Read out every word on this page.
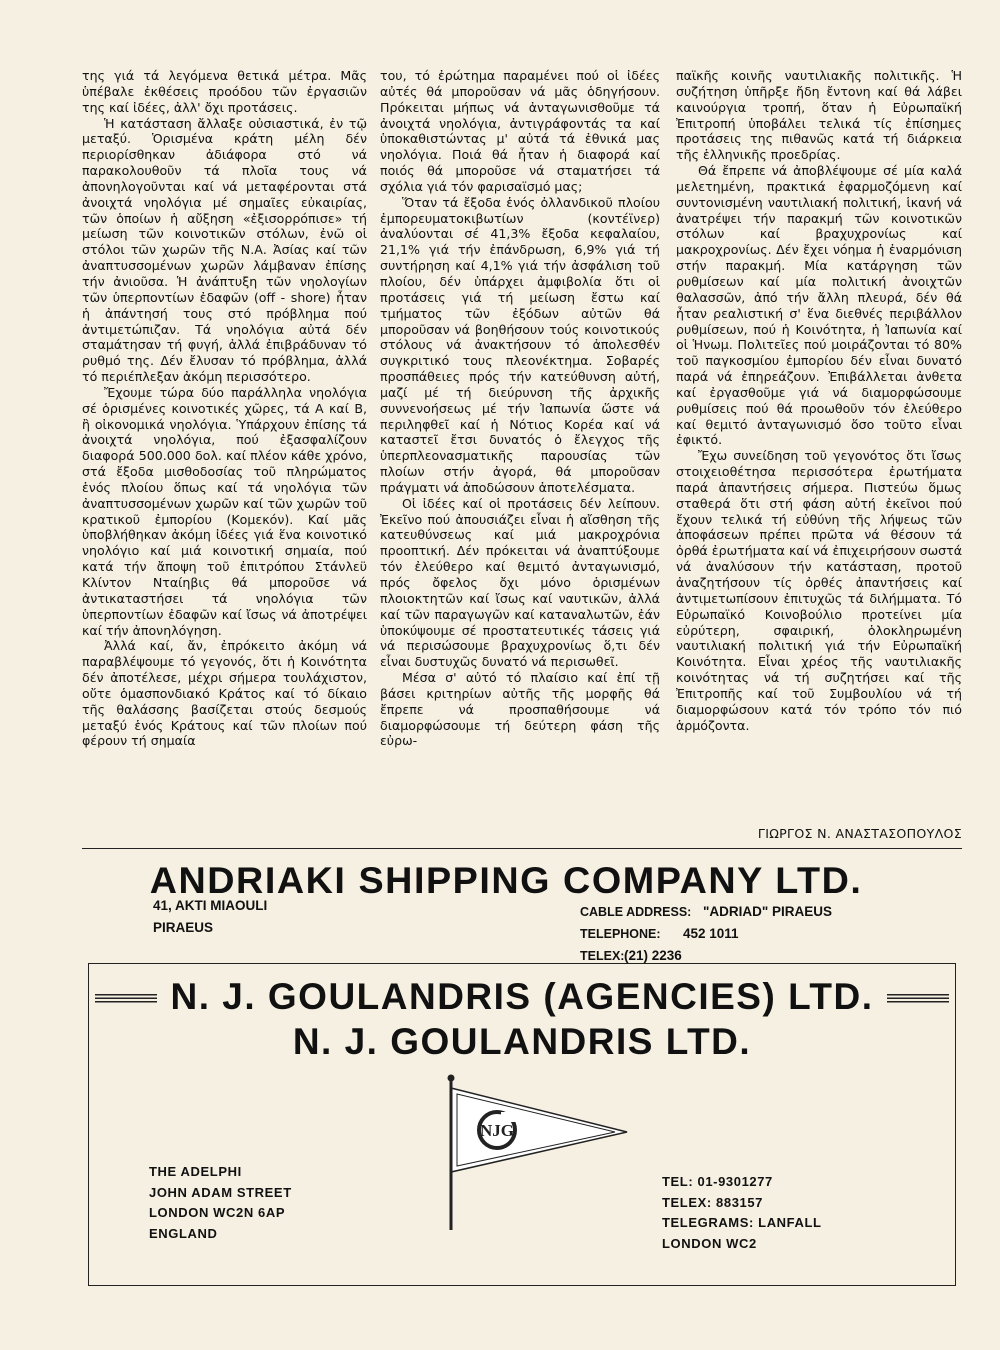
της γιά τά λεγόμενα θετικά μέτρα. Μᾶς ὑπέβαλε ἐκθέσεις προόδου τῶν ἐργασιῶν της καί ἰδέες, ἀλλ' ὄχι προτάσεις.

Ἡ κατάσταση ἄλλαξε οὐσιαστικά, ἐν τῷ μεταξύ. Ὁρισμένα κράτη μέλη δέν περιορίσθηκαν ἀδιάφορα στό νά παρακολουθοῦν τά πλοῖα τους νά ἀπονηλογοῦνται καί νά μεταφέρονται στά ἀνοιχτά νηολόγια μέ σημαῖες εὐκαιρίας, τῶν ὁποίων ἡ αὔξηση «ἐξισορρόπισε» τή μείωση τῶν κοινοτικῶν στόλων, ἐνῶ οἱ στόλοι τῶν χωρῶν τῆς Ν.Α. Ἀσίας καί τῶν ἀναπτυσσομένων χωρῶν λάμβαναν ἐπίσης τήν ἀνιοῦσα. Ἡ ἀνάπτυξη τῶν νηολογίων τῶν ὑπερποντίων ἐδαφῶν (off - shore) ἦταν ἡ ἀπάντησή τους στό πρόβλημα πού ἀντιμετώπιζαν. Τά νηολόγια αὐτά δέν σταμάτησαν τή φυγή, ἀλλά ἐπιβράδυναν τό ρυθμό της. Δέν ἔλυσαν τό πρόβλημα, ἀλλά τό περιέπλεξαν ἀκόμη περισσότερο.

Ἔχουμε τώρα δύο παράλληλα νηολόγια σέ ὁρισμένες κοινοτικές χῶρες, τά Α καί Β, ἢ οἰκονομικά νηολόγια. Ὑπάρχουν ἐπίσης τά ἀνοιχτά νηολόγια, πού ἐξασφαλίζουν διαφορά 500.000 δολ. καί πλέον κάθε χρόνο, στά ἔξοδα μισθοδοσίας τοῦ πληρώματος ἑνός πλοίου ὅπως καί τά νηολόγια τῶν ἀναπτυσσομένων χωρῶν καί τῶν χωρῶν τοῦ κρατικοῦ ἐμπορίου (Κομεκόν). Καί μᾶς ὑποβλήθηκαν ἀκόμη ἰδέες γιά ἕνα κοινοτικό νηολόγιο καί μιά κοινοτική σημαία, πού κατά τήν ἄποψη τοῦ ἐπιτρόπου Στάνλεϋ Κλίντον Νταίηβις θά μποροῦσε νά ἀντικαταστήσει τά νηολόγια τῶν ὑπερποντίων ἐδαφῶν καί ἴσως νά ἀποτρέψει καί τήν ἀπονηλόγηση.

Ἀλλά καί, ἄν, ἐπρόκειτο ἀκόμη νά παραβλέψουμε τό γεγονός, ὅτι ἡ Κοινότητα δέν ἀποτέλεσε, μέχρι σήμερα τουλάχιστον, οὔτε ὁμασπονδιακό Κράτος καί τό δίκαιο τῆς θαλάσσης βασίζεται στούς δεσμούς μεταξύ ἑνός Κράτους καί τῶν πλοίων πού φέρουν τή σημαία

του, τό ἐρώτημα παραμένει πού οἱ ἰδέες αὐτές θά μποροῦσαν νά μᾶς ὁδηγήσουν. Πρόκειται μήπως νά ἀνταγωνισθοῦμε τά ἀνοιχτά νηολόγια, ἀντιγράφοντάς τα καί ὑποκαθιστώντας μ' αὐτά τά ἐθνικά μας νηολόγια. Ποιά θά ἦταν ἡ διαφορά καί ποιός θά μποροῦσε νά σταματήσει τά σχόλια γιά τόν φαρισαϊσμό μας;

Ὅταν τά ἔξοδα ἑνός ὀλλανδικοῦ πλοίου ἐμπορευματοκιβωτίων (κοντέϊνερ) ἀναλύονται σέ 41,3% ἔξοδα κεφαλαίου, 21,1% γιά τήν ἐπάνδρωση, 6,9% γιά τή συντήρηση καί 4,1% γιά τήν ἀσφάλιση τοῦ πλοίου, δέν ὑπάρχει ἀμφιβολία ὅτι οἱ προτάσεις γιά τή μείωση ἔστω καί τμήματος τῶν ἐξόδων αὐτῶν θά μποροῦσαν νά βοηθήσουν τούς κοινοτικούς στόλους νά ἀνακτήσουν τό ἀπολεσθέν συγκριτικό τους πλεονέκτημα. Σοβαρές προσπάθειες πρός τήν κατεύθυνση αὐτή, μαζί μέ τή διεύρυνση τῆς ἀρχικῆς συννενοήσεως μέ τήν Ἰαπωνία ὥστε νά περιληφθεῖ καί ἡ Νότιος Κορέα καί νά καταστεῖ ἔτσι δυνατός ὁ ἔλεγχος τῆς ὑπερπλεονασματικῆς παρουσίας τῶν πλοίων στήν ἀγορά, θά μποροῦσαν πράγματι νά ἀποδώσουν ἀποτελέσματα.

Οἱ ἰδέες καί οἱ προτάσεις δέν λείπουν. Ἐκεῖνο πού ἀπουσιάζει εἶναι ἡ αἴσθηση τῆς κατευθύνσεως καί μιά μακροχρόνια προοπτική. Δέν πρόκειται νά ἀναπτύξουμε τόν ἐλεύθερο καί θεμιτό ἀνταγωνισμό, πρός ὄφελος ὄχι μόνο ὁρισμένων πλοιοκτητῶν καί ἴσως καί ναυτικῶν, ἀλλά καί τῶν παραγωγῶν καί καταναλωτῶν, ἐάν ὑποκύψουμε σέ προστατευτικές τάσεις γιά νά περισώσουμε βραχυχρονίως ὅ,τι δέν εἶναι δυστυχῶς δυνατό νά περισωθεῖ.

Μέσα σ' αὐτό τό πλαίσιο καί ἐπί τῇ βάσει κριτηρίων αὐτῆς τῆς μορφῆς θά ἔπρεπε νά προσπαθήσουμε νά διαμορφώσουμε τή δεύτερη φάση τῆς εὐρω-

παϊκῆς κοινῆς ναυτιλιακῆς πολιτικῆς. Ἡ συζήτηση ὑπῆρξε ἤδη ἔντονη καί θά λάβει καινούργια τροπή, ὅταν ἡ Εὐρωπαϊκή Ἐπιτροπή ὑποβάλει τελικά τίς ἐπίσημες προτάσεις της πιθανῶς κατά τή διάρκεια τῆς ἑλληνικῆς προεδρίας.

Θά ἔπρεπε νά ἀποβλέψουμε σέ μία καλά μελετημένη, πρακτικά ἐφαρμοζόμενη καί συντονισμένη ναυτιλιακή πολιτική, ἱκανή νά ἀνατρέψει τήν παρακμή τῶν κοινοτικῶν στόλων καί βραχυχρονίως καί μακροχρονίως. Δέν ἔχει νόημα ἡ ἐναρμόνιση στήν παρακμή. Μία κατάργηση τῶν ρυθμίσεων καί μία πολιτική ἀνοιχτῶν θαλασσῶν, ἀπό τήν ἄλλη πλευρά, δέν θά ἦταν ρεαλιστική σ' ἕνα διεθνές περιβάλλον ρυθμίσεων, πού ἡ Κοινότητα, ἡ Ἰαπωνία καί οἱ Ἡνωμ. Πολιτεῖες πού μοιράζονται τό 80% τοῦ παγκοσμίου ἐμπορίου δέν εἶναι δυνατό παρά νά ἐπηρεάζουν. Ἐπιβάλλεται ἀνθετα καί ἐργασθοῦμε γιά νά διαμορφώσουμε ρυθμίσεις πού θά προωθοῦν τόν ἐλεύθερο καί θεμιτό ἀνταγωνισμό ὅσο τοῦτο εἶναι ἐφικτό.

Ἔχω συνείδηση τοῦ γεγονότος ὅτι ἴσως στοιχειοθέτησα περισσότερα ἐρωτήματα παρά ἀπαντήσεις σήμερα. Πιστεύω ὅμως σταθερά ὅτι στή φάση αὐτή ἐκεῖνοι πού ἔχουν τελικά τή εὐθύνη τῆς λήψεως τῶν ἀποφάσεων πρέπει πρῶτα νά θέσουν τά ὀρθά ἐρωτήματα καί νά ἐπιχειρήσουν σωστά νά ἀναλύσουν τήν κατάσταση, προτοῦ ἀναζητήσουν τίς ὀρθές ἀπαντήσεις καί ἀντιμετωπίσουν ἐπιτυχῶς τά διλήμματα. Τό Εὐρωπαϊκό Κοινοβούλιο προτείνει μία εὐρύτερη, σφαιρική, ὁλοκληρωμένη ναυτιλιακή πολιτική γιά τήν Εὐρωπαϊκή Κοινότητα. Εἶναι χρέος τῆς ναυτιλιακῆς κοινότητας νά τή συζητήσει καί τῆς Ἐπιτροπῆς καί τοῦ Συμβουλίου νά τή διαμορφώσουν κατά τόν τρόπο τόν πιό ἁρμόζοντα.

ΓΙΩΡΓΟΣ Ν. ΑΝΑΣΤΑΣΟΠΟΥΛΟΣ
ANDRIAKI SHIPPING COMPANY LTD.
41, AKTI MIAOULI
PIRAEUS
CABLE ADDRESS: "ADRIAD" PIRAEUS
TELEPHONE: 452 1011
TELEX: (21) 2236
N. J. GOULANDRIS (AGENCIES) LTD.
N. J. GOULANDRIS LTD.
NJG
THE ADELPHI
JOHN ADAM STREET
LONDON WC2N 6AP
ENGLAND
TEL: 01-9301277
TELEX: 883157
TELEGRAMS: LANFALL
LONDON WC2
